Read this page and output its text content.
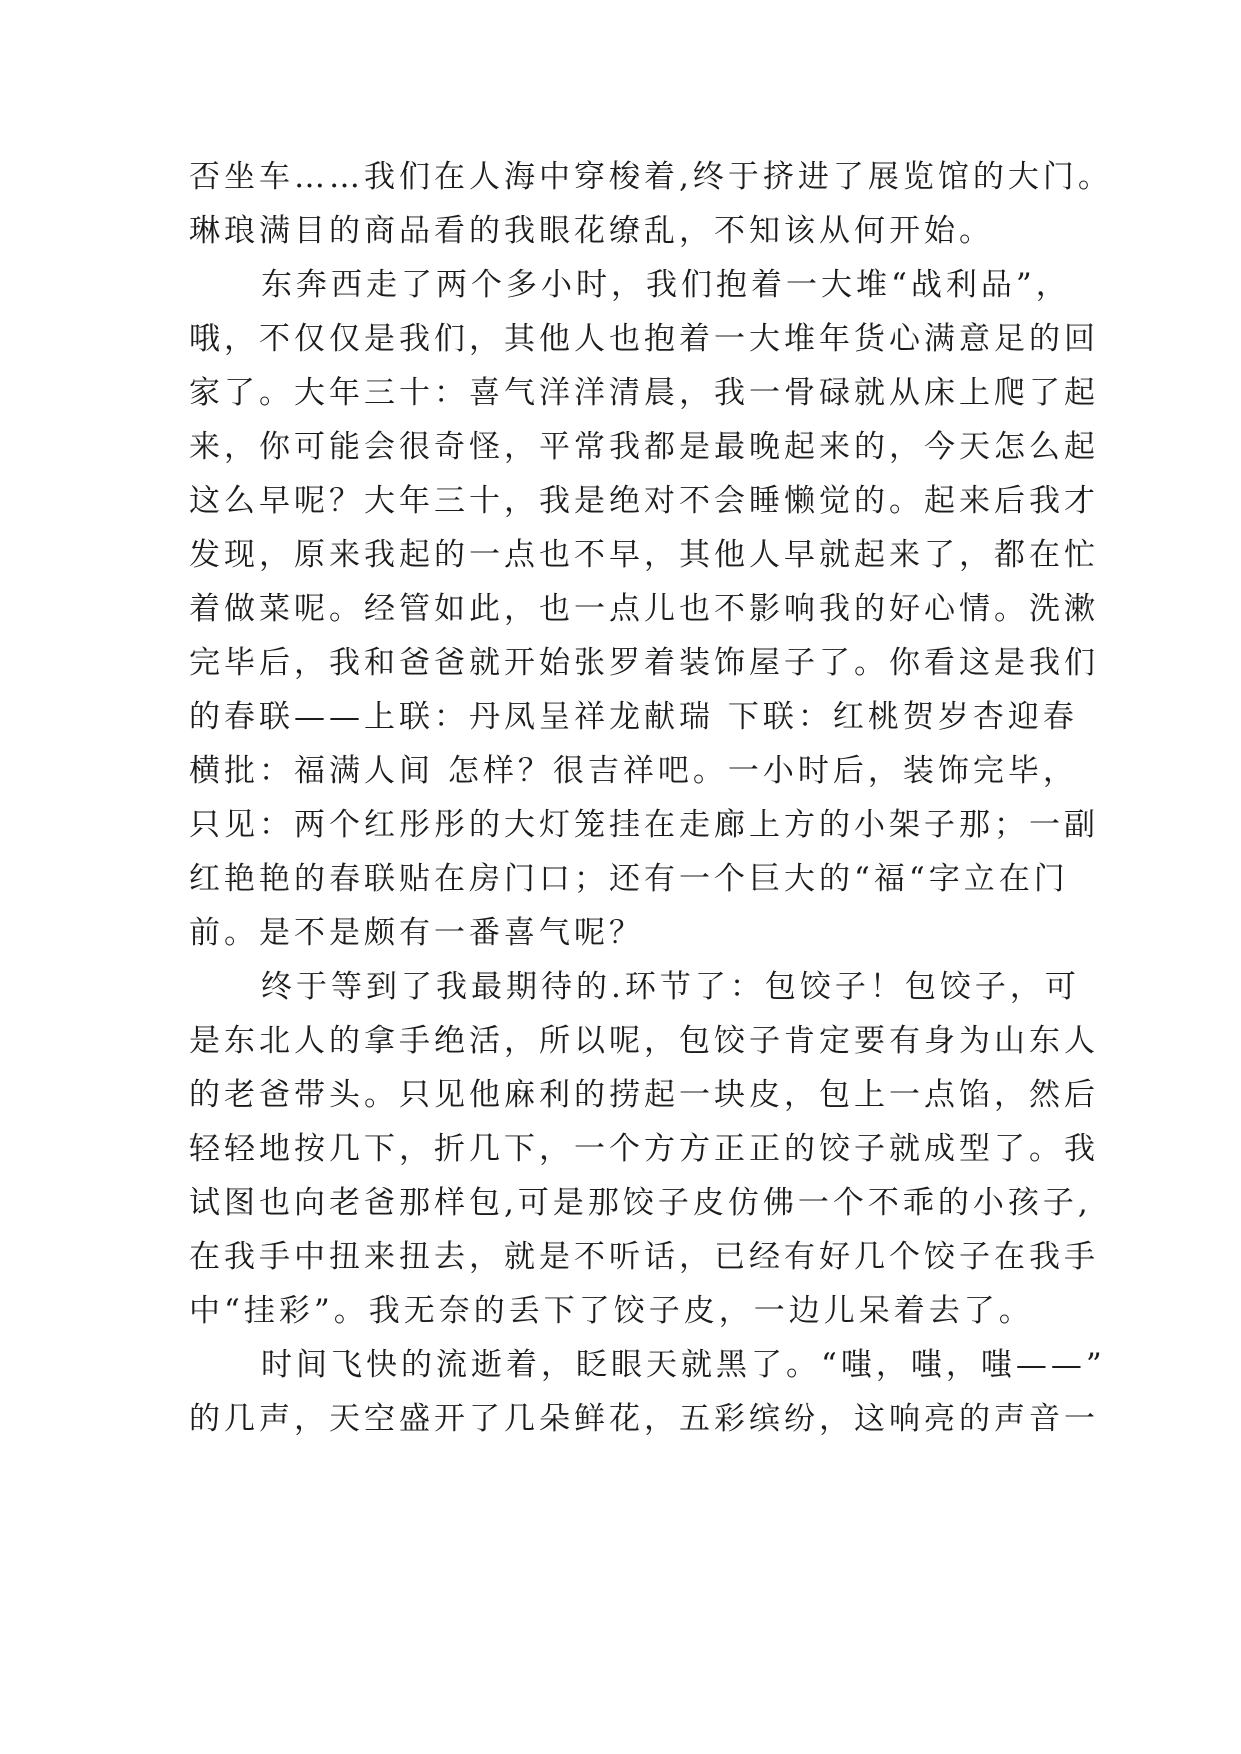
否坐车……我们在人海中穿梭着,终于挤进了展览馆的大门。
琳琅满目的商品看的我眼花缭乱，不知该从何开始。
东奔西走了两个多小时，我们抱着一大堆“战利品”，
哦，不仅仅是我们，其他人也抱着一大堆年货心满意足的回
家了。大年三十：喜气洋洋清晨，我一骨碌就从床上爬了起
来，你可能会很奇怪，平常我都是最晚起来的，今天怎么起
这么早呢？大年三十，我是绝对不会睡懒觉的。起来后我才
发现，原来我起的一点也不早，其他人早就起来了，都在忙
着做菜呢。经管如此，也一点儿也不影响我的好心情。洗漱
完毕后，我和爸爸就开始张罗着装饰屋子了。你看这是我们
的春联——上联：丹凤呈祥龙献瑞 下联：红桃贺岁杏迎春
横批：福满人间 怎样？很吉祥吧。一小时后，装饰完毕，
只见：两个红彤彤的大灯笼挂在走廊上方的小架子那；一副
红艳艳的春联贴在房门口；还有一个巨大的“福“字立在门
前。是不是颇有一番喜气呢？
终于等到了我最期待的.环节了：包饺子！包饺子，可
是东北人的拿手绝活，所以呢，包饺子肯定要有身为山东人
的老爸带头。只见他麻利的捞起一块皮，包上一点馅，然后
轻轻地按几下，折几下，一个方方正正的饺子就成型了。我
试图也向老爸那样包,可是那饺子皮仿佛一个不乖的小孩子,
在我手中扭来扭去，就是不听话，已经有好几个饺子在我手
中“挂彩”。我无奈的丢下了饺子皮，一边儿呆着去了。
时间飞快的流逝着，眨眼天就黑了。“嗤，嗤，嗤——”
的几声，天空盛开了几朵鲜花，五彩缤纷，这响亮的声音一
